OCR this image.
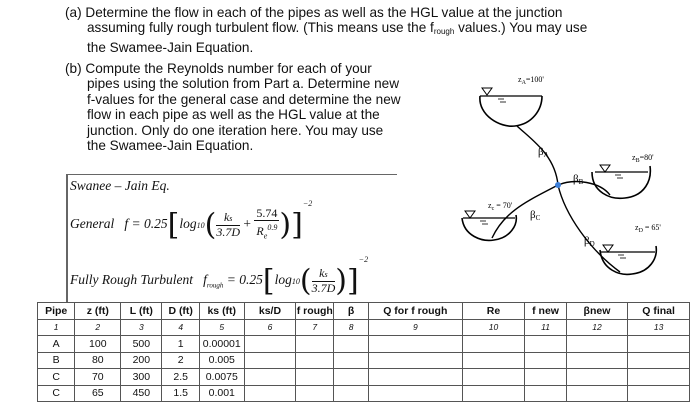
(a) Determine the flow in each of the pipes as well as the HGL value at the junction

assuming fully rough turbulent flow. (This means use the $f_{rough}$ values.) You may use

the Swamee-Jain Equation.

(b) Compute the Reynolds number for each of your

pipes using the solution from Part a. Determine new

f-values for the general case and determine the new

flow in each pipe as well as the HGL value at the

junction. Only do one iteration here. You may use

the Swamee-Jain Equation.

Swanee – Jain Eq.
General $f = 0.25[\log 10( \frac{ks}{3.7D} + \frac{5.74}{R_e^{0.9}} )]^{-2}$
Fully Rough Turbulent $f_{rough} = 0.25[\log 10( \frac{ks}{3.7D} )]^{-2}$
$z_A=100'$
βA	$z_B=80'$
βB
$z_c = 70'$
βC
$z_D = 65'$
βD
Pipe	z (ft)	L (ft)	D (ft)	ks (ft)	ks/D	f rough	β	Q for f rough	Re	f new	βnew	Q final
1	2	3	4	5	6	7	8	9	10	11	12	13
A	100	500	1	0.00001								
B	80	200	2	0.005								
C	70	300	2.5	0.0075								
C	65	450	1.5	0.001								
